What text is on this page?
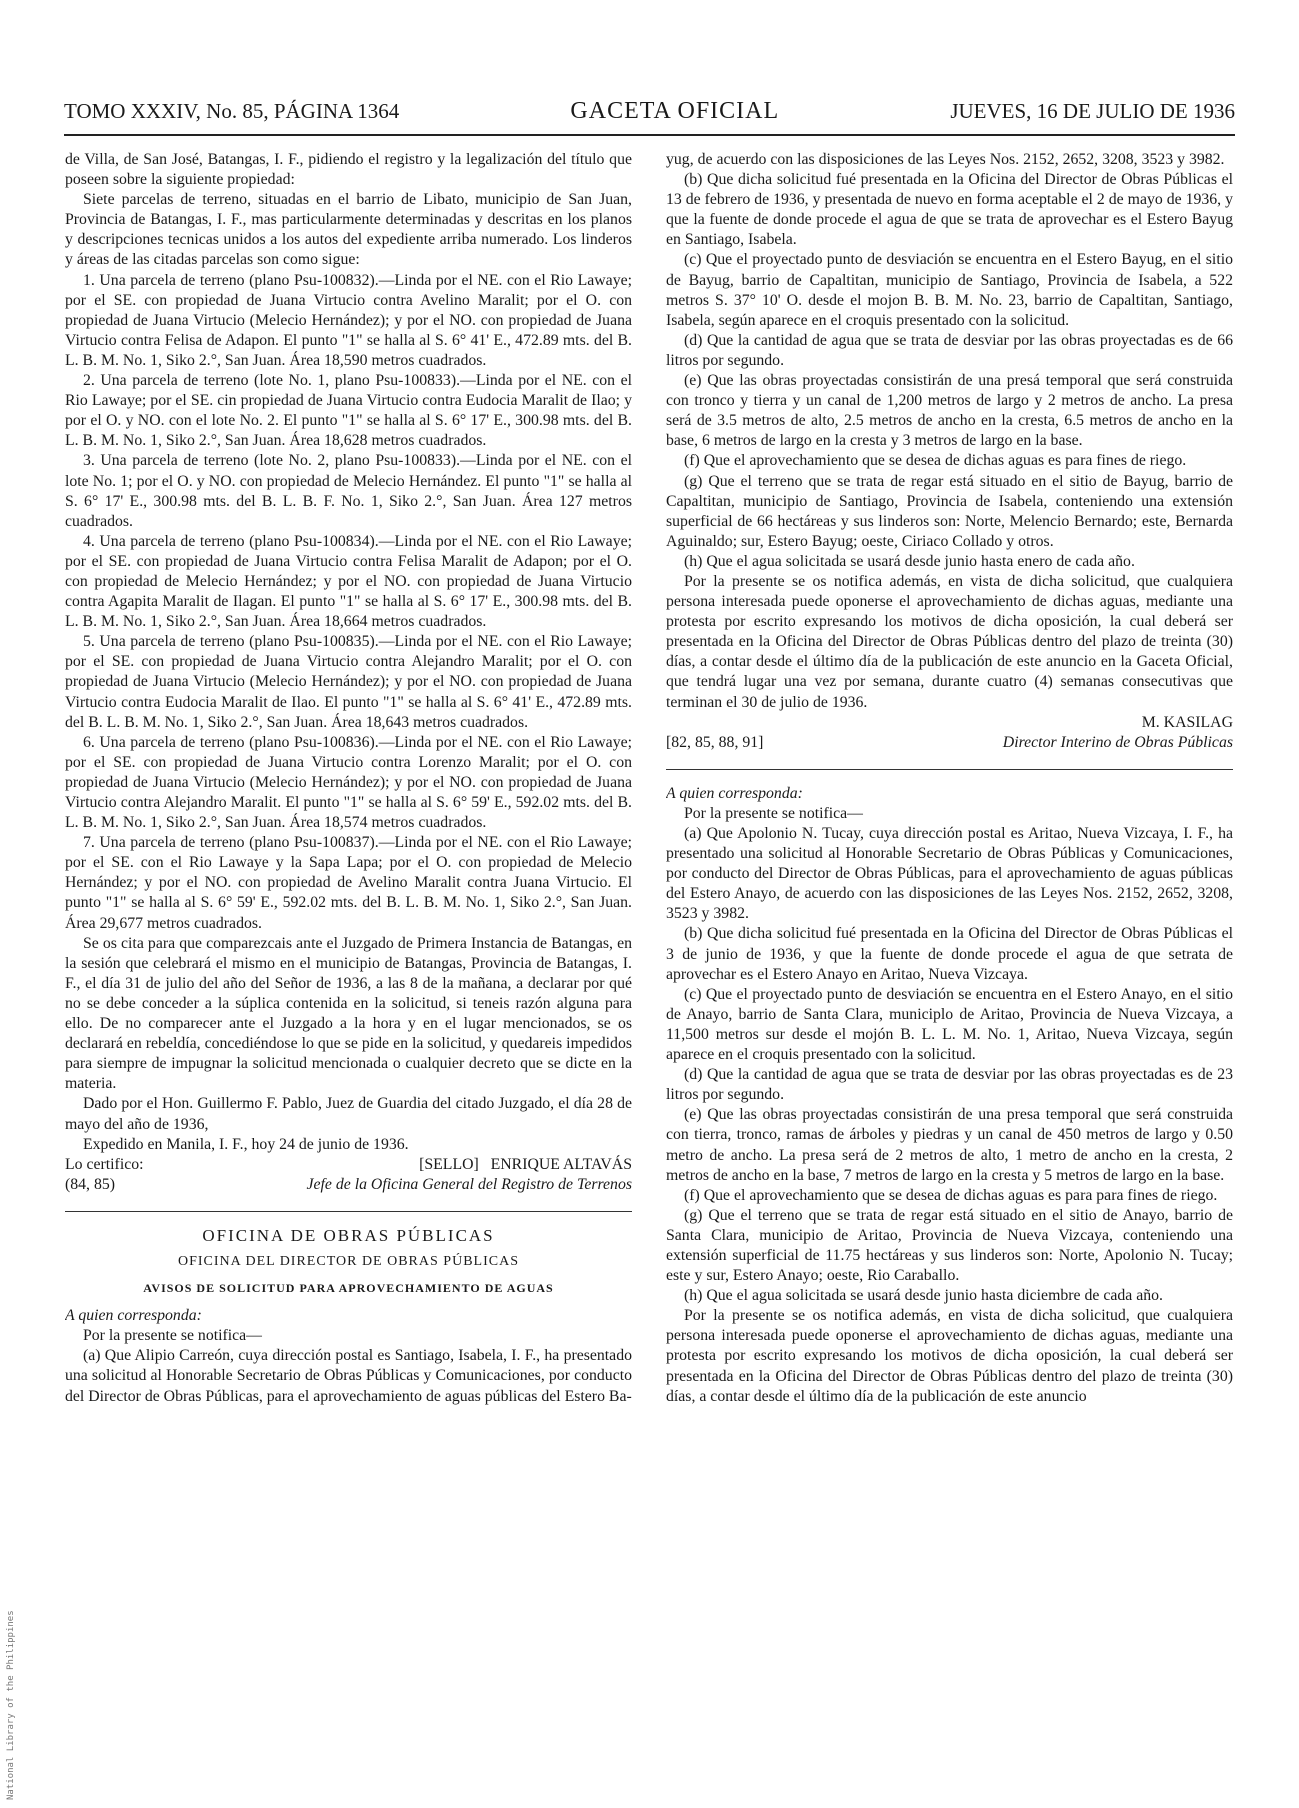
TOMO XXXIV, No. 85, PÁGINA 1364	GACETA OFICIAL	JUEVES, 16 DE JULIO DE 1936

de Villa, de San José, Batangas, I. F., pidiendo el registro y la legalización del título que poseen sobre la siguiente propiedad:

Siete parcelas de terreno, situadas en el barrio de Libato, municipio de San Juan, Provincia de Batangas, I. F., mas particularmente determinadas y descritas en los planos y descripciones tecnicas unidos a los autos del expediente arriba numerado. Los linderos y áreas de las citadas parcelas son como sigue:

1. Una parcela de terreno (plano Psu-100832).—Linda por el NE. con el Rio Lawaye; por el SE. con propiedad de Juana Virtucio contra Avelino Maralit; por el O. con propiedad de Juana Virtucio (Melecio Hernández); y por el NO. con propiedad de Juana Virtucio contra Felisa de Adapon. El punto "1" se halla al S. 6° 41' E., 472.89 mts. del B. L. B. M. No. 1, Siko 2.°, San Juan. Área 18,590 metros cuadrados.

2. Una parcela de terreno (lote No. 1, plano Psu-100833).—Linda por el NE. con el Rio Lawaye; por el SE. cin propiedad de Juana Virtucio contra Eudocia Maralit de Ilao; y por el O. y NO. con el lote No. 2. El punto "1" se halla al S. 6° 17' E., 300.98 mts. del B. L. B. M. No. 1, Siko 2.°, San Juan. Área 18,628 metros cuadrados.

3. Una parcela de terreno (lote No. 2, plano Psu-100833).—Linda por el NE. con el lote No. 1; por el O. y NO. con propiedad de Melecio Hernández. El punto "1" se halla al S. 6° 17' E., 300.98 mts. del B. L. B. F. No. 1, Siko 2.°, San Juan. Área 127 metros cuadrados.

4. Una parcela de terreno (plano Psu-100834).—Linda por el NE. con el Rio Lawaye; por el SE. con propiedad de Juana Virtucio contra Felisa Maralit de Adapon; por el O. con propiedad de Melecio Hernández; y por el NO. con propiedad de Juana Virtucio contra Agapita Maralit de Ilagan. El punto "1" se halla al S. 6° 17' E., 300.98 mts. del B. L. B. M. No. 1, Siko 2.°, San Juan. Área 18,664 metros cuadrados.

5. Una parcela de terreno (plano Psu-100835).—Linda por el NE. con el Rio Lawaye; por el SE. con propiedad de Juana Virtucio contra Alejandro Maralit; por el O. con propiedad de Juana Virtucio (Melecio Hernández); y por el NO. con propiedad de Juana Virtucio contra Eudocia Maralit de Ilao. El punto "1" se halla al S. 6° 41' E., 472.89 mts. del B. L. B. M. No. 1, Siko 2.°, San Juan. Área 18,643 metros cuadrados.

6. Una parcela de terreno (plano Psu-100836).—Linda por el NE. con el Rio Lawaye; por el SE. con propiedad de Juana Virtucio contra Lorenzo Maralit; por el O. con propiedad de Juana Virtucio (Melecio Hernández); y por el NO. con propiedad de Juana Virtucio contra Alejandro Maralit. El punto "1" se halla al S. 6° 59' E., 592.02 mts. del B. L. B. M. No. 1, Siko 2.°, San Juan. Área 18,574 metros cuadrados.

7. Una parcela de terreno (plano Psu-100837).—Linda por el NE. con el Rio Lawaye; por el SE. con el Rio Lawaye y la Sapa Lapa; por el O. con propiedad de Melecio Hernández; y por el NO. con propiedad de Avelino Maralit contra Juana Virtucio. El punto "1" se halla al S. 6° 59' E., 592.02 mts. del B. L. B. M. No. 1, Siko 2.°, San Juan. Área 29,677 metros cuadrados.

Se os cita para que comparezcais ante el Juzgado de Primera Instancia de Batangas, en la sesión que celebrará el mismo en el municipio de Batangas, Provincia de Batangas, I. F., el día 31 de julio del año del Señor de 1936, a las 8 de la mañana, a declarar por qué no se debe conceder a la súplica contenida en la solicitud, si teneis razón alguna para ello. De no comparecer ante el Juzgado a la hora y en el lugar mencionados, se os declarará en rebeldía, concediéndose lo que se pide en la solicitud, y quedareis impedidos para siempre de impugnar la solicitud mencionada o cualquier decreto que se dicte en la materia.

Dado por el Hon. Guillermo F. Pablo, Juez de Guardia del citado Juzgado, el día 28 de mayo del año de 1936,

Expedido en Manila, I. F., hoy 24 de junio de 1936.

Lo certifico:	[SELLO] ENRIQUE ALTAVÁS
(84, 85)	Jefe de la Oficina General del Registro de Terrenos
OFICINA DE OBRAS PÚBLICAS
OFICINA DEL DIRECTOR DE OBRAS PÚBLICAS
AVISOS DE SOLICITUD PARA APROVECHAMIENTO DE AGUAS

A quien corresponda:

Por la presente se notifica—

(a) Que Alipio Carreón, cuya dirección postal es Santiago, Isabela, I. F., ha presentado una solicitud al Honorable Secretario de Obras Públicas y Comunicaciones, por conducto del Director de Obras Públicas, para el aprovechamiento de aguas públicas del Estero Ba-

yug, de acuerdo con las disposiciones de las Leyes Nos. 2152, 2652, 3208, 3523 y 3982.

(b) Que dicha solicitud fué presentada en la Oficina del Director de Obras Públicas el 13 de febrero de 1936, y presentada de nuevo en forma aceptable el 2 de mayo de 1936, y que la fuente de donde procede el agua de que se trata de aprovechar es el Estero Bayug en Santiago, Isabela.

(c) Que el proyectado punto de desviación se encuentra en el Estero Bayug, en el sitio de Bayug, barrio de Capaltitan, municipio de Santiago, Provincia de Isabela, a 522 metros S. 37° 10' O. desde el mojon B. B. M. No. 23, barrio de Capaltitan, Santiago, Isabela, según aparece en el croquis presentado con la solicitud.

(d) Que la cantidad de agua que se trata de desviar por las obras proyectadas es de 66 litros por segundo.

(e) Que las obras proyectadas consistirán de una presá temporal que será construida con tronco y tierra y un canal de 1,200 metros de largo y 2 metros de ancho. La presa será de 3.5 metros de alto, 2.5 metros de ancho en la cresta, 6.5 metros de ancho en la base, 6 metros de largo en la cresta y 3 metros de largo en la base.

(f) Que el aprovechamiento que se desea de dichas aguas es para fines de riego.

(g) Que el terreno que se trata de regar está situado en el sitio de Bayug, barrio de Capaltitan, municipio de Santiago, Provincia de Isabela, conteniendo una extensión superficial de 66 hectáreas y sus linderos son: Norte, Melencio Bernardo; este, Bernarda Aguinaldo; sur, Estero Bayug; oeste, Ciriaco Collado y otros.

(h) Que el agua solicitada se usará desde junio hasta enero de cada año.

Por la presente se os notifica además, en vista de dicha solicitud, que cualquiera persona interesada puede oponerse el aprovechamiento de dichas aguas, mediante una protesta por escrito expresando los motivos de dicha oposición, la cual deberá ser presentada en la Oficina del Director de Obras Públicas dentro del plazo de treinta (30) días, a contar desde el último día de la publicación de este anuncio en la Gaceta Oficial, que tendrá lugar una vez por semana, durante cuatro (4) semanas consecutivas que terminan el 30 de julio de 1936.

M. KASILAG
[82, 85, 88, 91]	Director Interino de Obras Públicas

A quien corresponda:

Por la presente se notifica—

(a) Que Apolonio N. Tucay, cuya dirección postal es Aritao, Nueva Vizcaya, I. F., ha presentado una solicitud al Honorable Secretario de Obras Públicas y Comunicaciones, por conducto del Director de Obras Públicas, para el aprovechamiento de aguas públicas del Estero Anayo, de acuerdo con las disposiciones de las Leyes Nos. 2152, 2652, 3208, 3523 y 3982.

(b) Que dicha solicitud fué presentada en la Oficina del Director de Obras Públicas el 3 de junio de 1936, y que la fuente de donde procede el agua de que setrata de aprovechar es el Estero Anayo en Aritao, Nueva Vizcaya.

(c) Que el proyectado punto de desviación se encuentra en el Estero Anayo, en el sitio de Anayo, barrio de Santa Clara, municiplo de Aritao, Provincia de Nueva Vizcaya, a 11,500 metros sur desde el mojón B. L. L. M. No. 1, Aritao, Nueva Vizcaya, según aparece en el croquis presentado con la solicitud.

(d) Que la cantidad de agua que se trata de desviar por las obras proyectadas es de 23 litros por segundo.

(e) Que las obras proyectadas consistirán de una presa temporal que será construida con tierra, tronco, ramas de árboles y piedras y un canal de 450 metros de largo y 0.50 metro de ancho. La presa será de 2 metros de alto, 1 metro de ancho en la cresta, 2 metros de ancho en la base, 7 metros de largo en la cresta y 5 metros de largo en la base.

(f) Que el aprovechamiento que se desea de dichas aguas es para para fines de riego.

(g) Que el terreno que se trata de regar está situado en el sitio de Anayo, barrio de Santa Clara, municipio de Aritao, Provincia de Nueva Vizcaya, conteniendo una extensión superficial de 11.75 hectáreas y sus linderos son: Norte, Apolonio N. Tucay; este y sur, Estero Anayo; oeste, Rio Caraballo.

(h) Que el agua solicitada se usará desde junio hasta diciembre de cada año.

Por la presente se os notifica además, en vista de dicha solicitud, que cualquiera persona interesada puede oponerse el aprovechamiento de dichas aguas, mediante una protesta por escrito expresando los motivos de dicha oposición, la cual deberá ser presentada en la Oficina del Director de Obras Públicas dentro del plazo de treinta (30) días, a contar desde el último día de la publicación de este anuncio

National Library of the Philippines
